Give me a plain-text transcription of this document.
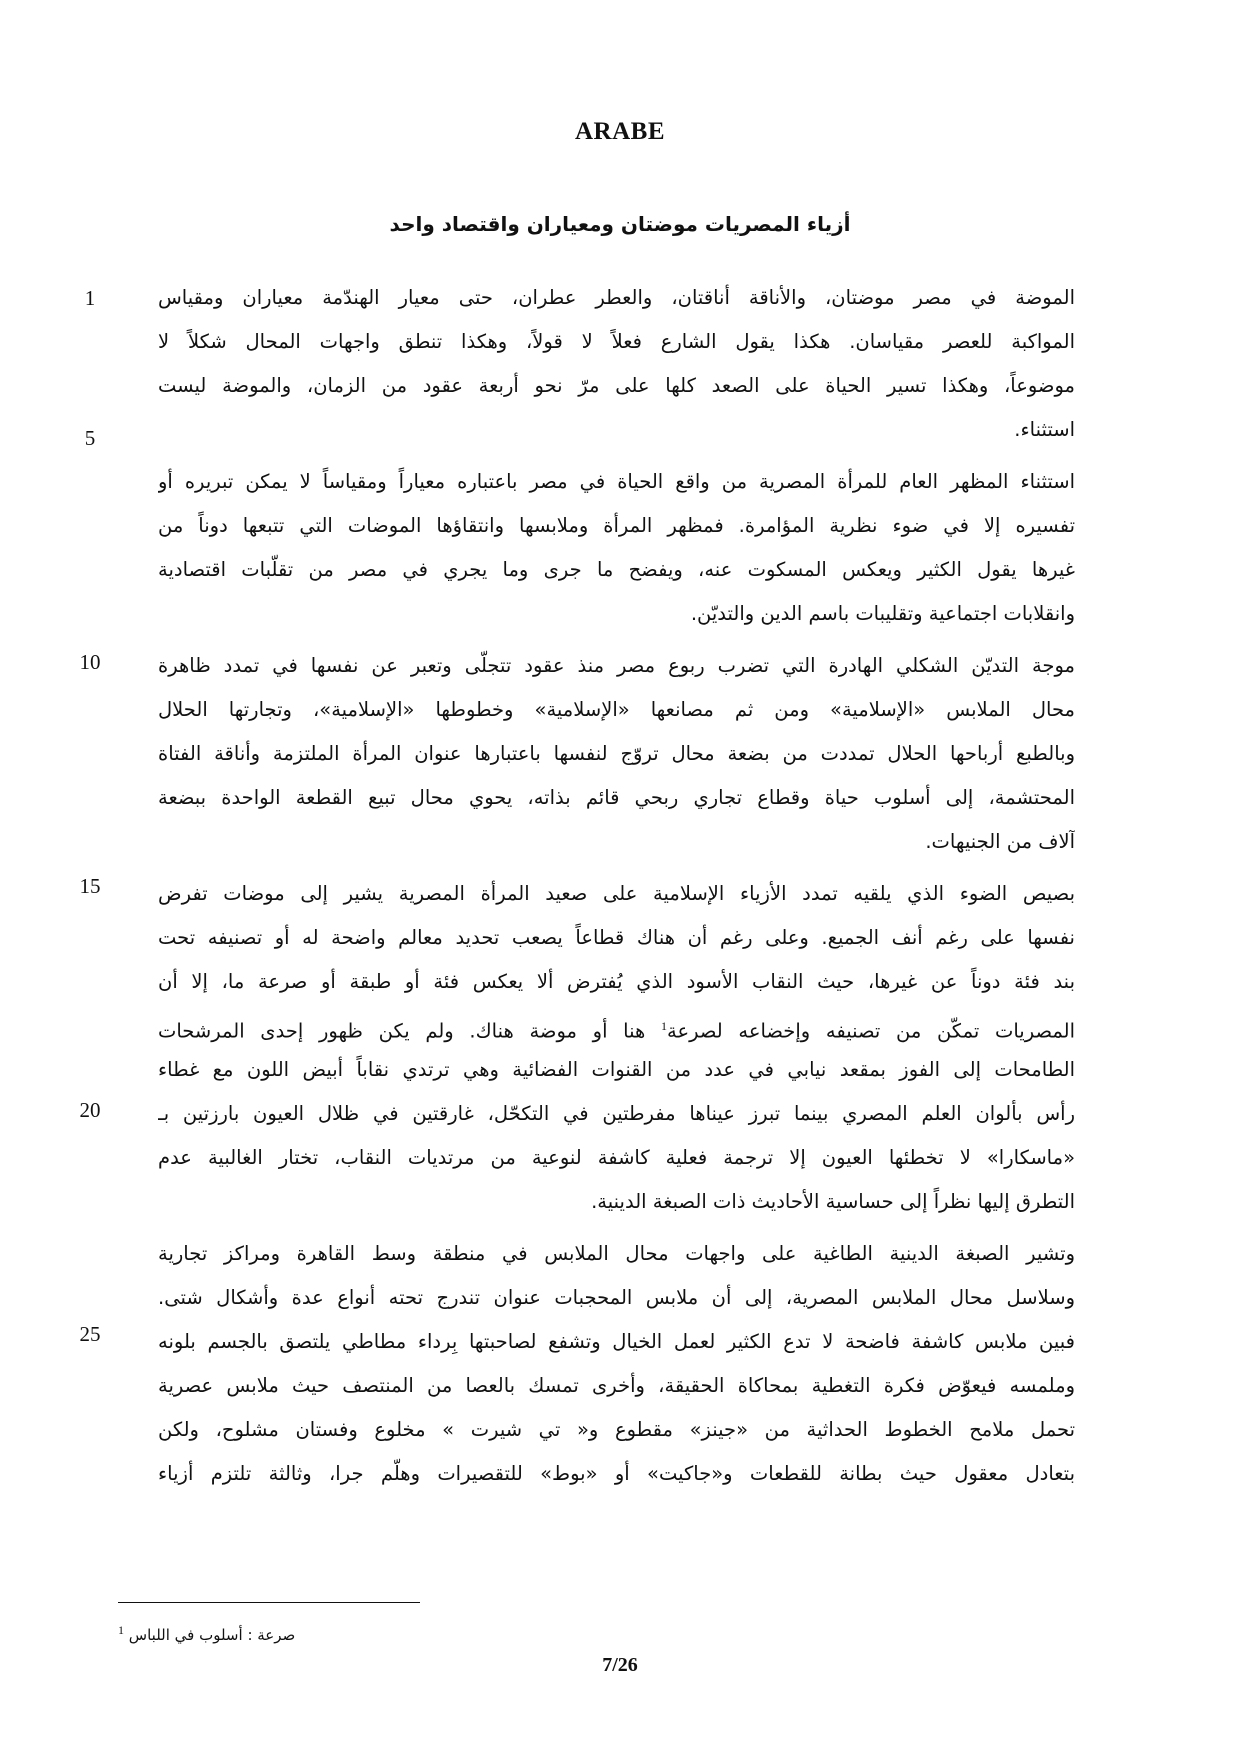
ARABE
أزياء المصريات موضتان ومعياران واقتصاد واحد
1
5
10
15
20
25
الموضة في مصر موضتان، والأناقة أناقتان، والعطر عطران، حتى معيار الهندّمة معياران ومقياس
المواكبة للعصر مقياسان. هكذا يقول الشارع فعلاً لا قولاً، وهكذا تنطق واجهات المحال شكلاً لا
موضوعاً، وهكذا تسير الحياة على الصعد كلها على مرّ نحو أربعة عقود من الزمان، والموضة ليست
استثناء.
استثناء المظهر العام للمرأة المصرية من واقع الحياة في مصر باعتباره معياراً ومقياساً لا يمكن تبريره أو
تفسيره إلا في ضوء نظرية المؤامرة. فمظهر المرأة وملابسها وانتقاؤها الموضات التي تتبعها دوناً من
غيرها يقول الكثير ويعكس المسكوت عنه، ويفضح ما جرى وما يجري في مصر من تقلّبات اقتصادية
وانقلابات اجتماعية وتقليبات باسم الدين والتديّن.
موجة التديّن الشكلي الهادرة التي تضرب ربوع مصر منذ عقود تتجلّى وتعبر عن نفسها في تمدد ظاهرة
محال الملابس «الإسلامية» ومن ثم مصانعها «الإسلامية» وخطوطها «الإسلامية»، وتجارتها الحلال
وبالطبع أرباحها الحلال تمددت من بضعة محال تروّج لنفسها باعتبارها عنوان المرأة الملتزمة وأناقة الفتاة
المحتشمة، إلى أسلوب حياة وقطاع تجاري ربحي قائم بذاته، يحوي محال تبيع القطعة الواحدة ببضعة
آلاف من الجنيهات.
بصيص الضوء الذي يلقيه تمدد الأزياء الإسلامية على صعيد المرأة المصرية يشير إلى موضات تفرض
نفسها على رغم أنف الجميع. وعلى رغم أن هناك قطاعاً يصعب تحديد معالم واضحة له أو تصنيفه تحت
بند فئة دوناً عن غيرها، حيث النقاب الأسود الذي يُفترض ألا يعكس فئة أو طبقة أو صرعة ما، إلا أن
المصريات تمكّن من تصنيفه وإخضاعه لصرعة$^1$ هنا أو موضة هناك. ولم يكن ظهور إحدى المرشحات
الطامحات إلى الفوز بمقعد نيابي في عدد من القنوات الفضائية وهي ترتدي نقاباً أبيض اللون مع غطاء
رأس بألوان العلم المصري بينما تبرز عيناها مفرطتين في التكحّل، غارقتين في ظلال العيون بارزتين بـ
«ماسكارا» لا تخطئها العيون إلا ترجمة فعلية كاشفة لنوعية من مرتديات النقاب، تختار الغالبية عدم
التطرق إليها نظراً إلى حساسية الأحاديث ذات الصبغة الدينية.
وتشير الصبغة الدينية الطاغية على واجهات محال الملابس في منطقة وسط القاهرة ومراكز تجارية
وسلاسل محال الملابس المصرية، إلى أن ملابس المحجبات عنوان تندرج تحته أنواع عدة وأشكال شتى.
فبين ملابس كاشفة فاضحة لا تدع الكثير لعمل الخيال وتشفع لصاحبتها بِرداء مطاطي يلتصق بالجسم بلونه
وملمسه فيعوّض فكرة التغطية بمحاكاة الحقيقة، وأخرى تمسك بالعصا من المنتصف حيث ملابس عصرية
تحمل ملامح الخطوط الحداثية من «جينز» مقطوع و« تي شيرت » مخلوع وفستان مشلوح، ولكن
بتعادل معقول حيث بطانة للقطعات و«جاكيت» أو «بوط» للتقصيرات وهلّم جرا، وثالثة تلتزم أزياء
صرعة : أسلوب في اللباس $^1$
7/26
